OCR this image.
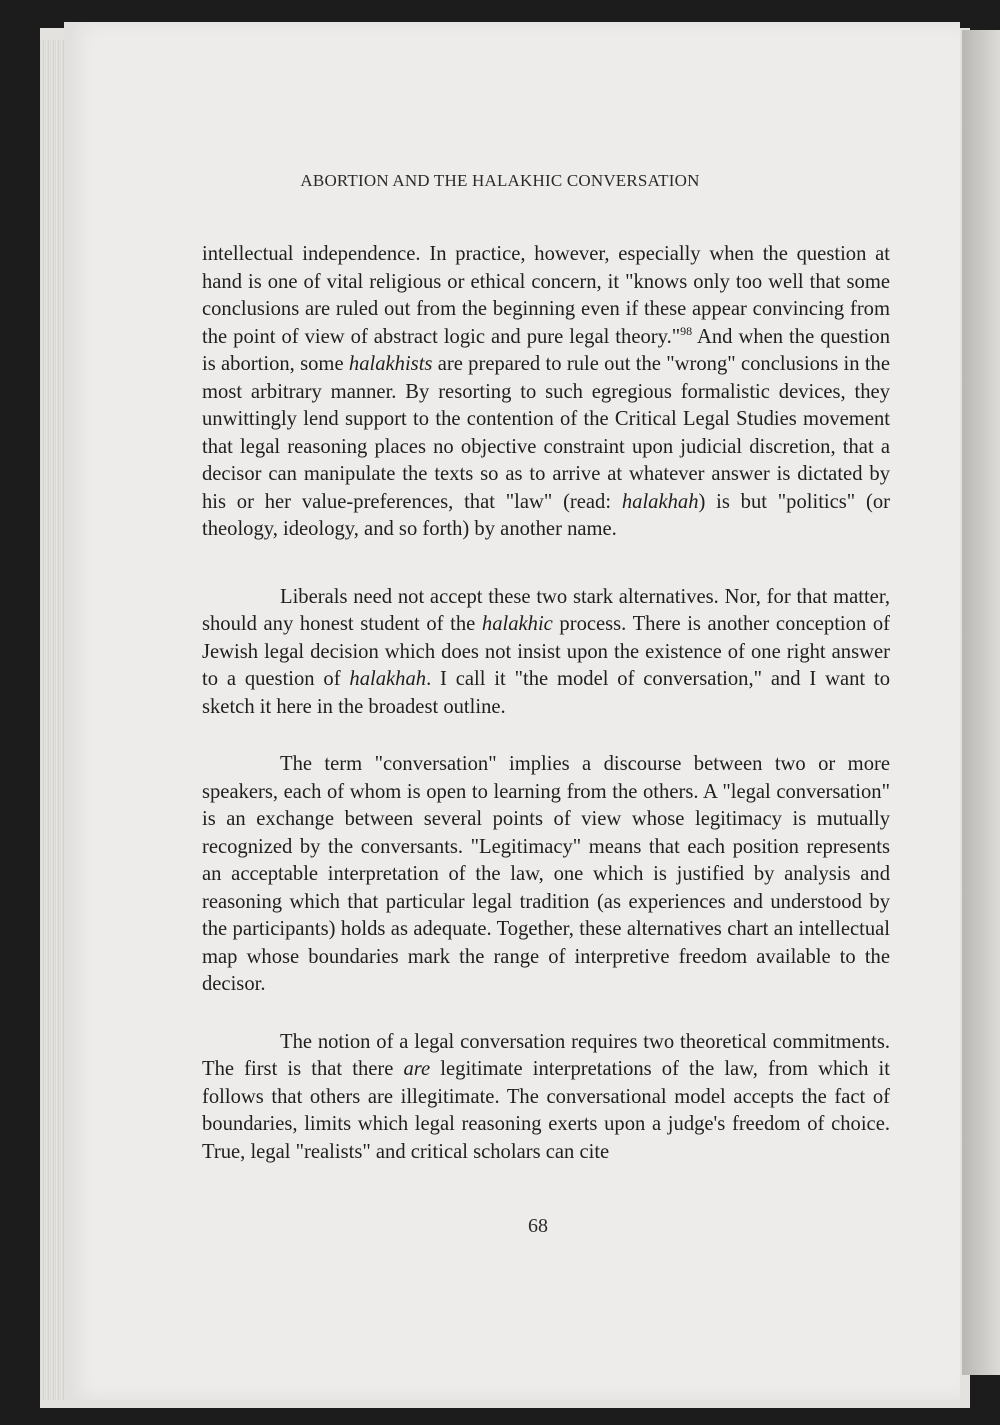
ABORTION AND THE HALAKHIC CONVERSATION

intellectual independence. In practice, however, especially when the question at hand is one of vital religious or ethical concern, it "knows only too well that some conclusions are ruled out from the beginning even if these appear convincing from the point of view of abstract logic and pure legal theory."$^{98}$ And when the question is abortion, some halakhists are prepared to rule out the "wrong" conclusions in the most arbitrary manner. By resorting to such egregious formalistic devices, they unwittingly lend support to the contention of the Critical Legal Studies movement that legal reasoning places no objective constraint upon judicial discretion, that a decisor can manipulate the texts so as to arrive at whatever answer is dictated by his or her value-preferences, that "law" (read: halakhah) is but "politics" (or theology, ideology, and so forth) by another name.

Liberals need not accept these two stark alternatives. Nor, for that matter, should any honest student of the halakhic process. There is another conception of Jewish legal decision which does not insist upon the existence of one right answer to a question of halakhah. I call it "the model of conversation," and I want to sketch it here in the broadest outline.

The term "conversation" implies a discourse between two or more speakers, each of whom is open to learning from the others. A "legal conversation" is an exchange between several points of view whose legitimacy is mutually recognized by the conversants. "Legitimacy" means that each position represents an acceptable interpretation of the law, one which is justified by analysis and reasoning which that particular legal tradition (as experiences and understood by the participants) holds as adequate. Together, these alternatives chart an intellectual map whose boundaries mark the range of interpretive freedom available to the decisor.

The notion of a legal conversation requires two theoretical commitments. The first is that there are legitimate interpretations of the law, from which it follows that others are illegitimate. The conversational model accepts the fact of boundaries, limits which legal reasoning exerts upon a judge's freedom of choice. True, legal "realists" and critical scholars can cite

68
